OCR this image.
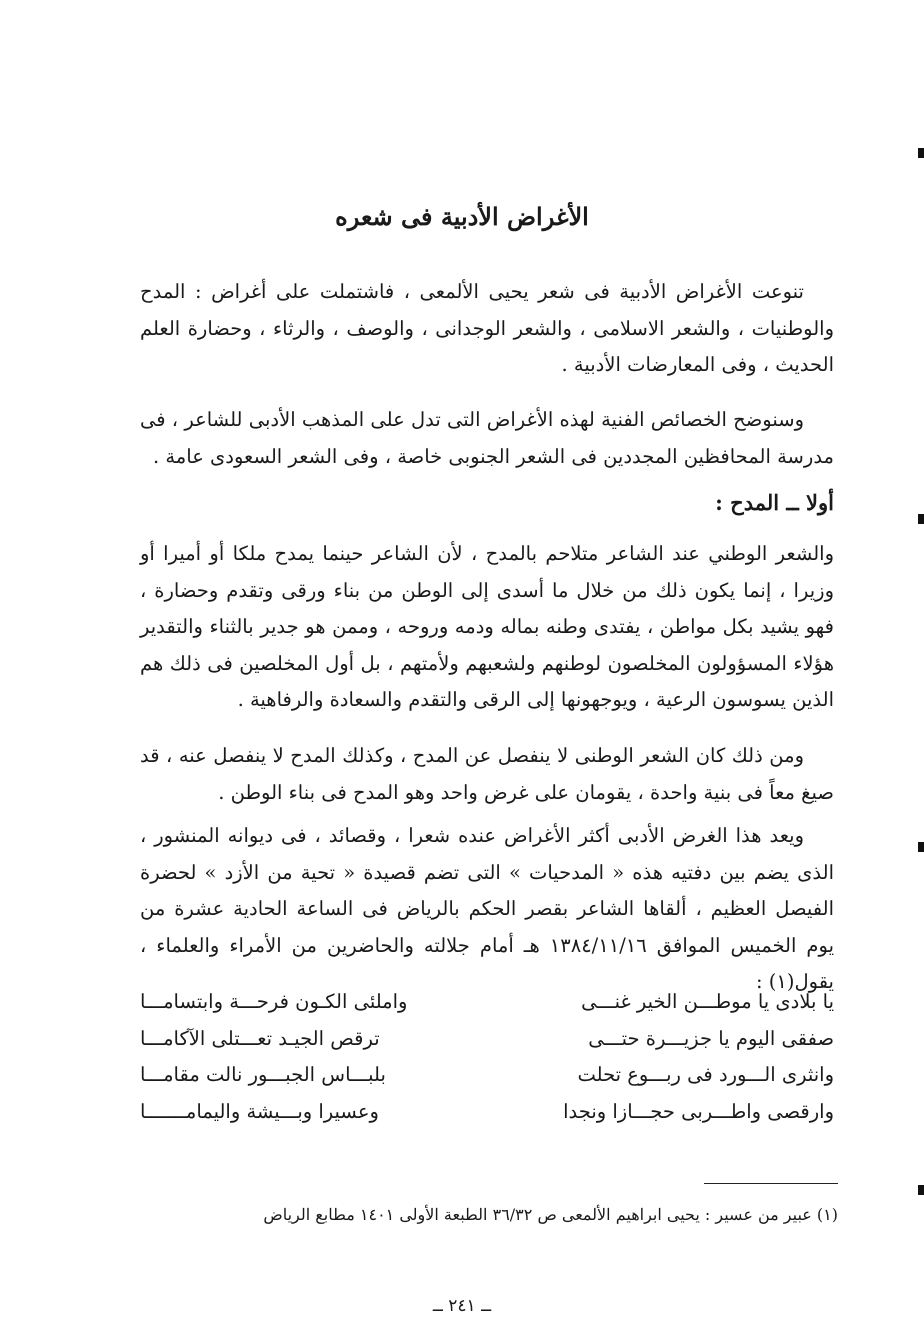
الأغراض الأدبية فى شعره
تنوعت الأغراض الأدبية فى شعر يحيى الألمعى ، فاشتملت على أغراض : المدح والوطنيات ، والشعر الاسلامى ، والشعر الوجدانى ، والوصف ، والرثاء ، وحضارة العلم الحديث ، وفى المعارضات الأدبية .
وسنوضح الخصائص الفنية لهذه الأغراض التى تدل على المذهب الأدبى للشاعر ، فى مدرسة المحافظين المجددين فى الشعر الجنوبى خاصة ، وفى الشعر السعودى عامة .
أولا ــ المدح :
والشعر الوطني عند الشاعر متلاحم بالمدح ، لأن الشاعر حينما يمدح ملكا أو أميرا أو وزيرا ، إنما يكون ذلك من خلال ما أسدى إلى الوطن من بناء ورقى وتقدم وحضارة ، فهو يشيد بكل مواطن ، يفتدى وطنه بماله ودمه وروحه ، وممن هو جدير بالثناء والتقدير هؤلاء المسؤولون المخلصون لوطنهم ولشعبهم ولأمتهم ، بل أول المخلصين فى ذلك هم الذين يسوسون الرعية ، ويوجهونها إلى الرقى والتقدم والسعادة والرفاهية .
ومن ذلك كان الشعر الوطنى لا ينفصل عن المدح ، وكذلك المدح لا ينفصل عنه ، قد صيغ معاً فى بنية واحدة ، يقومان على غرض واحد وهو المدح فى بناء الوطن .
ويعد هذا الغرض الأدبى أكثر الأغراض عنده شعرا ، وقصائد ، فى ديوانه المنشور ، الذى يضم بين دفتيه هذه « المدحيات » التى تضم قصيدة « تحية من الأزد » لحضرة الفيصل العظيم ، ألقاها الشاعر بقصر الحكم بالرياض فى الساعة الحادية عشرة من يوم الخميس الموافق ١٣٨٤/١١/١٦ هـ أمام جلالته والحاضرين من الأمراء والعلماء ، يقول(١) :
يا بلادى يا موطـــن الخير غنـــى
واملئى الكـون فرحـــة وابتسامـــا
صفقى اليوم يا جزيـــرة حتـــى
ترقص الجيـد تعـــتلى الآكامـــا
وانثرى الـــورد فى ربـــوع تحلت
بلبـــاس الجبـــور نالت مقامـــا
وارقصى واطـــربى حجـــازا ونجدا
وعسيرا وبـــيشة واليمامـــــــا
(١) عبير من عسير : يحيى ابراهيم الألمعى ص ٣٦/٣٢ الطبعة الأولى ١٤٠١ مطابع الرياض
ــ ٢٤١ ــ
